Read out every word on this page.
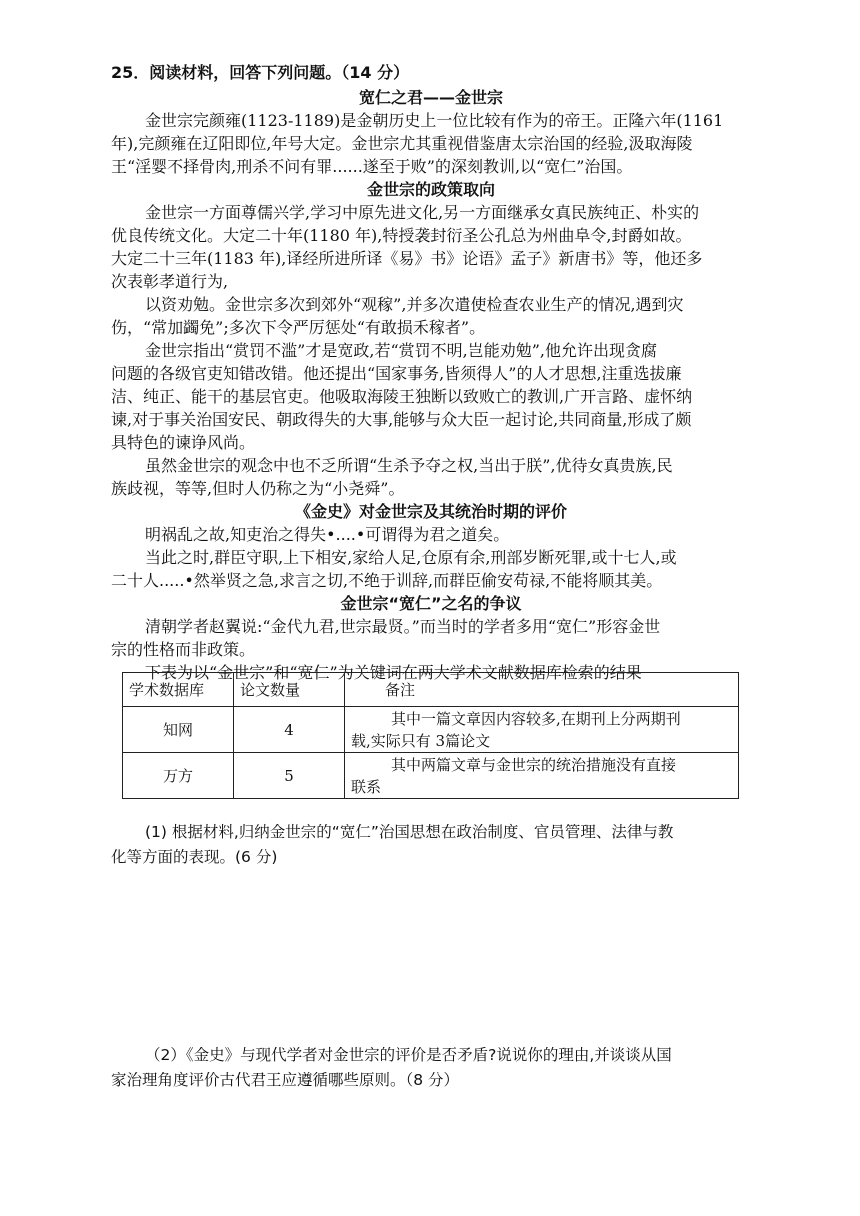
25．阅读材料，回答下列问题。（14 分）
宽仁之君——金世宗
金世宗完颜雍(1123-1189)是金朝历史上一位比较有作为的帝王。正隆六年(1161
年),完颜雍在辽阳即位,年号大定。金世宗尤其重视借鉴唐太宗治国的经验,汲取海陵
王“淫婴不择骨肉,刑杀不问有罪......遂至于败”的深刻教训,以“宽仁”治国。
金世宗的政策取向
金世宗一方面尊儒兴学,学习中原先进文化,另一方面继承女真民族纯正、朴实的
优良传统文化。大定二十年(1180 年),特授袭封衍圣公孔总为州曲阜令,封爵如故。
大定二十三年(1183 年),译经所进所译《易》书》论语》孟子》新唐书》等，他还多
次表彰孝道行为,
以资劝勉。金世宗多次到郊外“观稼”,并多次遣使检查农业生产的情况,遇到灾
伤，“常加蠲免”;多次下令严厉惩处“有敢损禾稼者”。
金世宗指出“赏罚不滥”才是宽政,若“赏罚不明,岂能劝勉”,他允许出现贪腐
问题的各级官吏知错改错。他还提出“国家事务,皆须得人”的人才思想,注重选拔廉
洁、纯正、能干的基层官吏。他吸取海陵王独断以致败亡的教训,广开言路、虚怀纳
谏,对于事关治国安民、朝政得失的大事,能够与众大臣一起讨论,共同商量,形成了颇
具特色的谏诤风尚。
虽然金世宗的观念中也不乏所谓“生杀予夺之权,当出于朕”,优待女真贵族,民
族歧视，等等,但时人仍称之为“小尧舜”。
《金史》对金世宗及其统治时期的评价
明祸乱之故,知吏治之得失•....•可谓得为君之道矣。
当此之时,群臣守职,上下相安,家给人足,仓原有余,刑部岁断死罪,或十七人,或
二十人.....•然举贤之急,求言之切,不绝于训辞,而群臣偷安苟禄,不能将顺其美。
金世宗“宽仁”之名的争议
清朝学者赵翼说:“金代九君,世宗最贤。”而当时的学者多用“宽仁”形容金世
宗的性格而非政策。
下表为以“金世宗”和“宽仁”为关键词在两大学术文献数据库检索的结果
学术数据库	论文数量	备注
知网	4	其中一篇文章因内容较多,在期刊上分两期刊
载,实际只有 3篇论文

万方	5	其中两篇文章与金世宗的统治措施没有直接
联系
(1) 根据材料,归纳金世宗的“宽仁”治国思想在政治制度、官员管理、法律与教
化等方面的表现。(6 分)
（2）《金史》与现代学者对金世宗的评价是否矛盾?说说你的理由,并谈谈从国
家治理角度评价古代君王应遵循哪些原则。（8 分）
